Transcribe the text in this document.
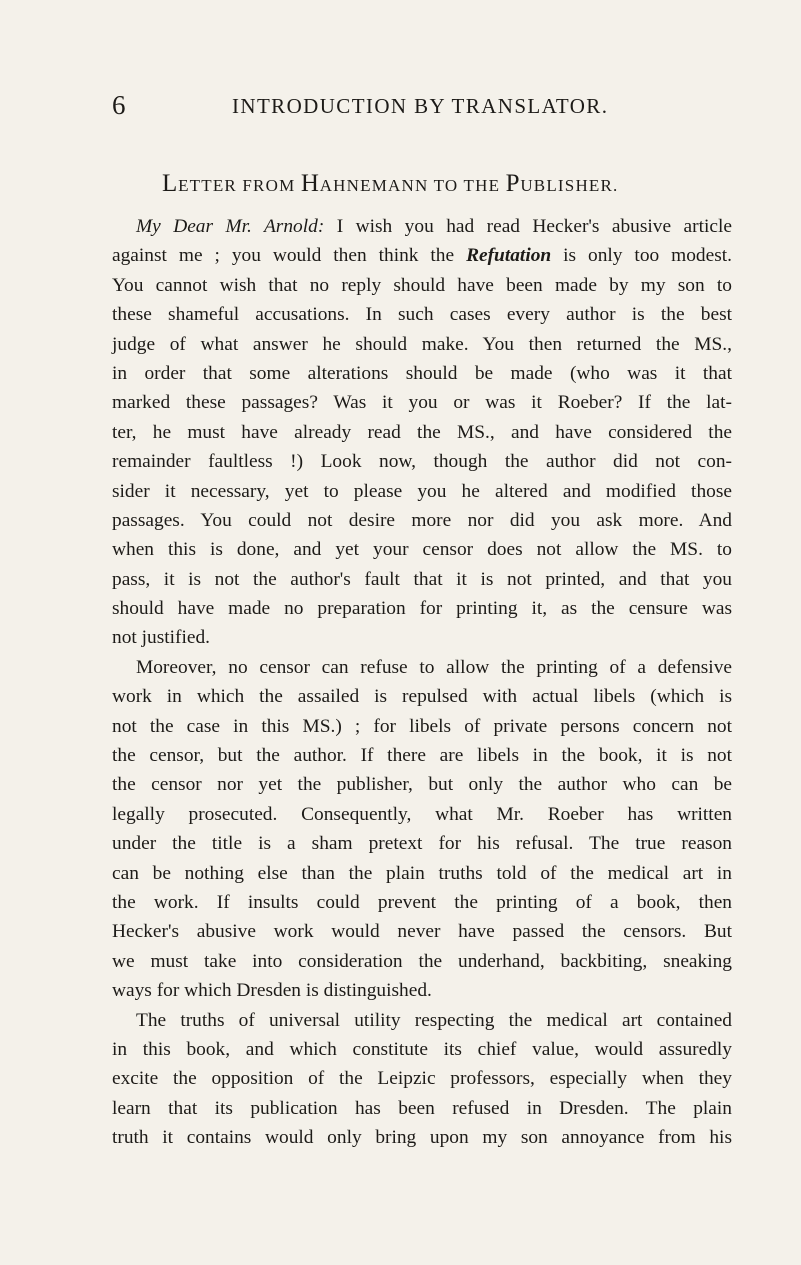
6	INTRODUCTION BY TRANSLATOR.
LETTER FROM HAHNEMANN TO THE PUBLISHER.
My Dear Mr. Arnold: I wish you had read Hecker's abusive article
against me ; you would then think the Refutation is only too modest.
You cannot wish that no reply should have been made by my son to
these shameful accusations. In such cases every author is the best
judge of what answer he should make. You then returned the MS.,
in order that some alterations should be made (who was it that
marked these passages? Was it you or was it Roeber? If the lat-
ter, he must have already read the MS., and have considered the
remainder faultless !) Look now, though the author did not con-
sider it necessary, yet to please you he altered and modified those
passages. You could not desire more nor did you ask more. And
when this is done, and yet your censor does not allow the MS. to
pass, it is not the author's fault that it is not printed, and that you
should have made no preparation for printing it, as the censure was
not justified.
Moreover, no censor can refuse to allow the printing of a defensive
work in which the assailed is repulsed with actual libels (which is
not the case in this MS.) ; for libels of private persons concern not
the censor, but the author. If there are libels in the book, it is not
the censor nor yet the publisher, but only the author who can be
legally prosecuted. Consequently, what Mr. Roeber has written
under the title is a sham pretext for his refusal. The true reason
can be nothing else than the plain truths told of the medical art in
the work. If insults could prevent the printing of a book, then
Hecker's abusive work would never have passed the censors. But
we must take into consideration the underhand, backbiting, sneaking
ways for which Dresden is distinguished.
The truths of universal utility respecting the medical art contained
in this book, and which constitute its chief value, would assuredly
excite the opposition of the Leipzic professors, especially when they
learn that its publication has been refused in Dresden. The plain
truth it contains would only bring upon my son annoyance from his
